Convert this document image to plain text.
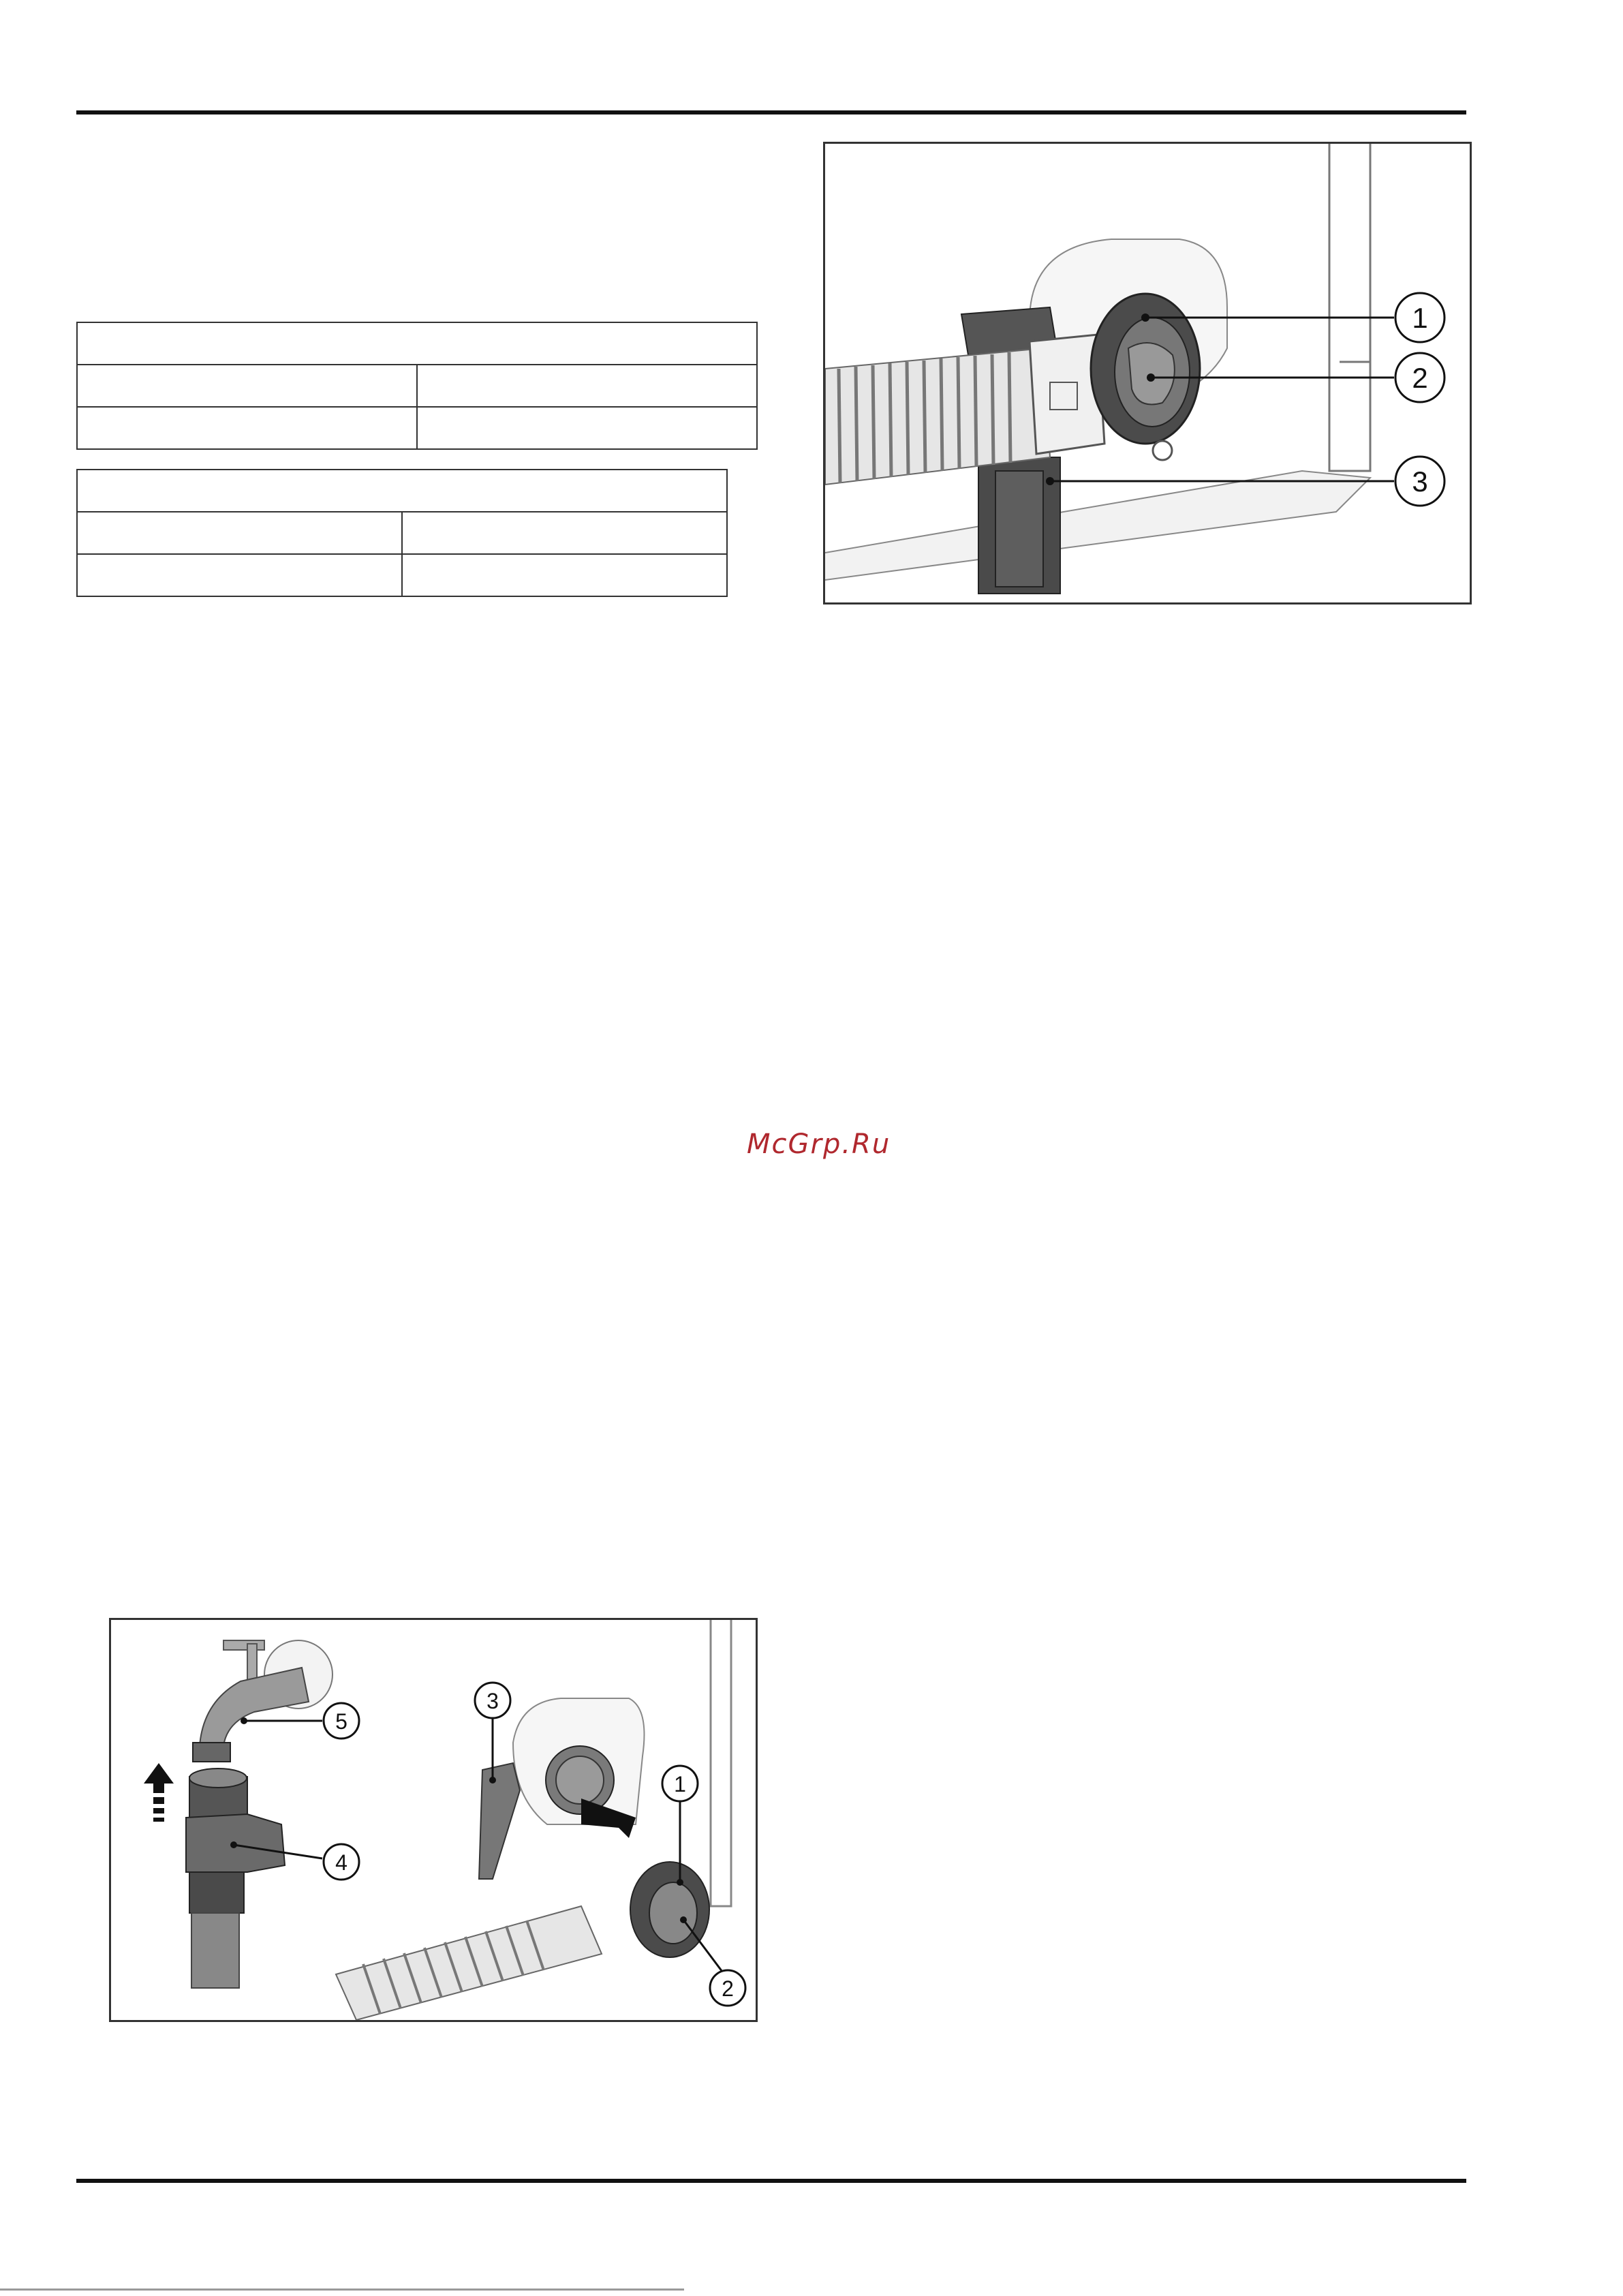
1
2
3
McGrp.Ru
5
4
3
1
2
